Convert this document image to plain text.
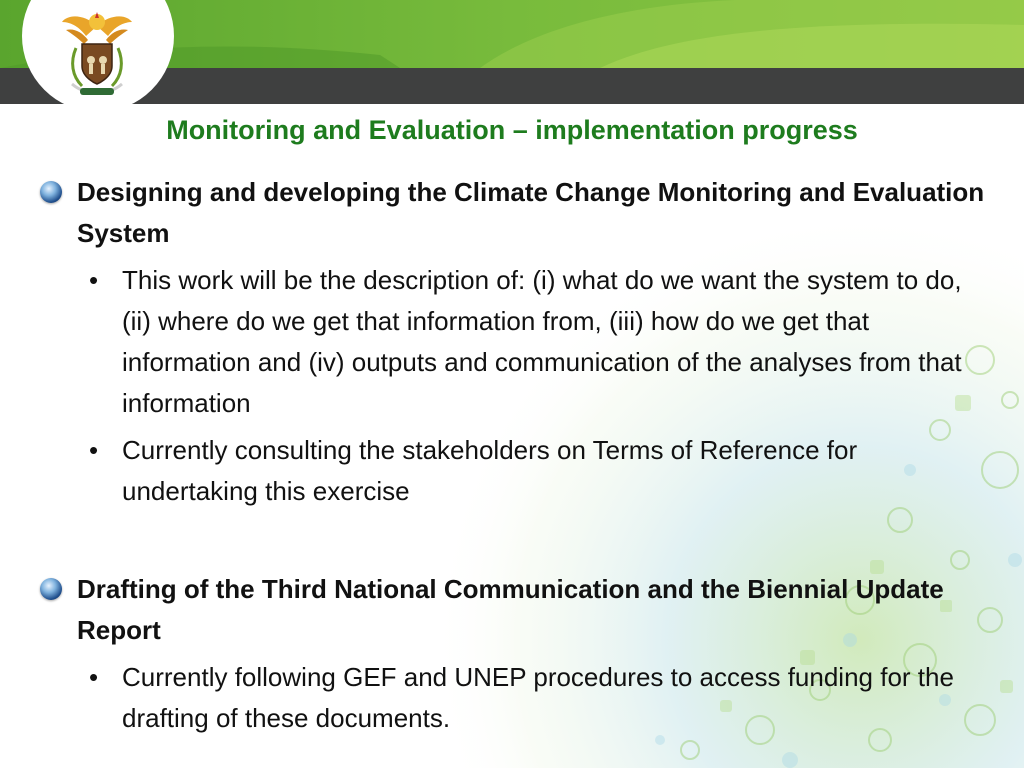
Monitoring and Evaluation – implementation progress
Designing and developing the Climate Change Monitoring and Evaluation System
• This work will be the description of: (i) what do we want the system to do, (ii) where do we get that information from, (iii) how do we get that information and (iv) outputs and communication of the analyses from that information
• Currently consulting the stakeholders on Terms of Reference for undertaking this exercise
Drafting of the Third National Communication and the Biennial Update Report
• Currently following GEF and UNEP procedures to access funding for the drafting of these documents.
